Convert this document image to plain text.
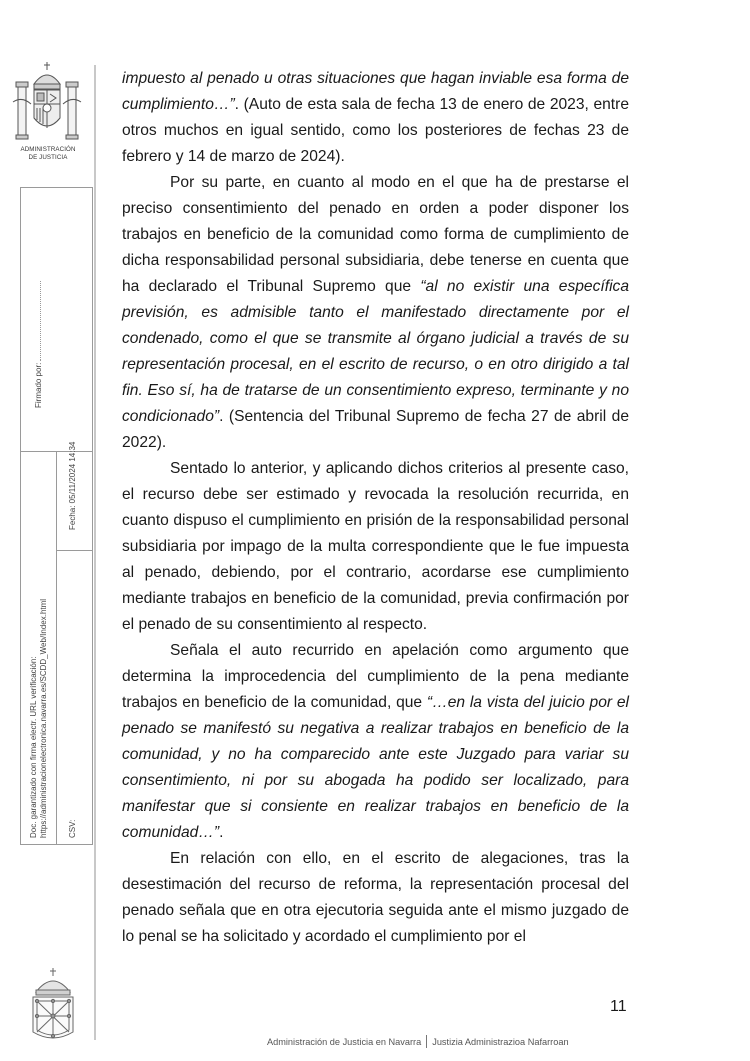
ADMINISTRACIÓN
DE JUSTICIA
Firmado por:
Fecha: 05/11/2024 14:34
Doc. garantizado con firma electr. URL verificación: https://administracionelectronica.navarra.es/SCDD_Web/Index.html	CSV:

impuesto al penado u otras situaciones que hagan inviable esa forma de cumplimiento…”. (Auto de esta sala de fecha 13 de enero de 2023, entre otros muchos en igual sentido, como los posteriores de fechas 23 de febrero y 14 de marzo de 2024).

Por su parte, en cuanto al modo en el que ha de prestarse el preciso consentimiento del penado en orden a poder disponer los trabajos en beneficio de la comunidad como forma de cumplimiento de dicha responsabilidad personal subsidiaria, debe tenerse en cuenta que ha declarado el Tribunal Supremo que “al no existir una específica previsión, es admisible tanto el manifestado directamente por el condenado, como el que se transmite al órgano judicial a través de su representación procesal, en el escrito de recurso, o en otro dirigido a tal fin. Eso sí, ha de tratarse de un consentimiento expreso, terminante y no condicionado”. (Sentencia del Tribunal Supremo de fecha 27 de abril de 2022).

Sentado lo anterior, y aplicando dichos criterios al presente caso, el recurso debe ser estimado y revocada la resolución recurrida, en cuanto dispuso el cumplimiento en prisión de la responsabilidad personal subsidiaria por impago de la multa correspondiente que le fue impuesta al penado, debiendo, por el contrario, acordarse ese cumplimiento mediante trabajos en beneficio de la comunidad, previa confirmación por el penado de su consentimiento al respecto.

Señala el auto recurrido en apelación como argumento que determina la improcedencia del cumplimiento de la pena mediante trabajos en beneficio de la comunidad, que “…en la vista del juicio por el penado se manifestó su negativa a realizar trabajos en beneficio de la comunidad, y no ha comparecido ante este Juzgado para variar su consentimiento, ni por su abogada ha podido ser localizado, para manifestar que si consiente en realizar trabajos en beneficio de la comunidad…”.

En relación con ello, en el escrito de alegaciones, tras la desestimación del recurso de reforma, la representación procesal del penado señala que en otra ejecutoria seguida ante el mismo juzgado de lo penal se ha solicitado y acordado el cumplimiento por el

11
Administración de Justicia en Navarra Justizia Administrazioa Nafarroan
